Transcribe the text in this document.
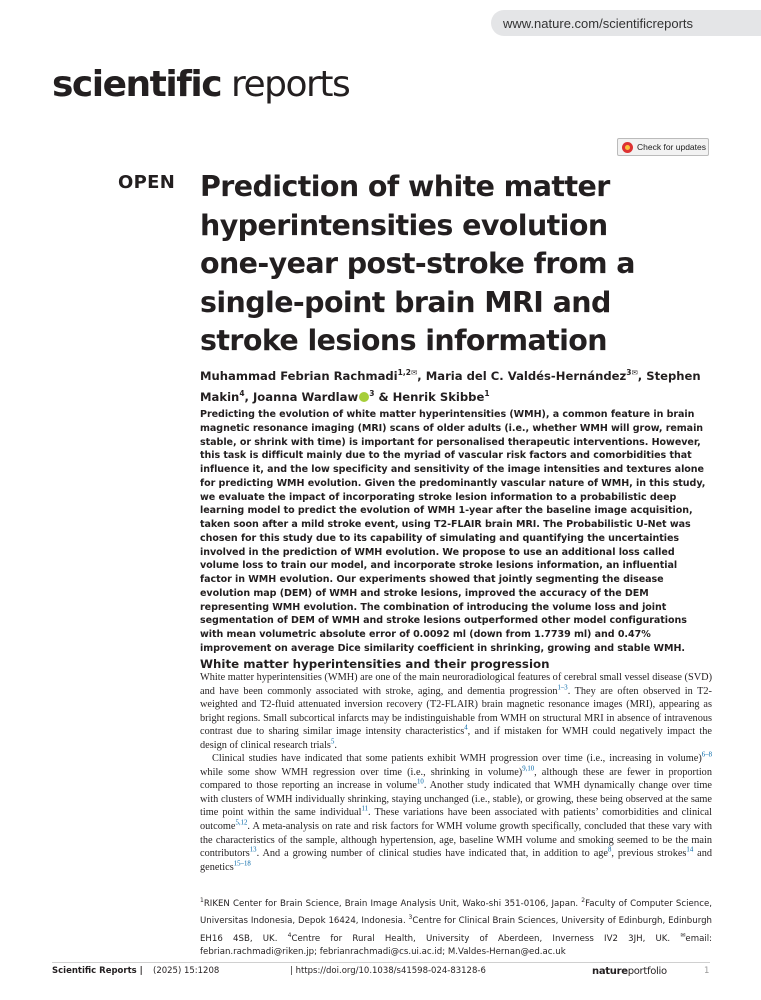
www.nature.com/scientificreports
scientific reports
Check for updates
OPEN Prediction of white matter hyperintensities evolution one-year post-stroke from a single-point brain MRI and stroke lesions information
Muhammad Febrian Rachmadi$^{1,2✉}$, Maria del C. Valdés-Hernández$^{3✉}$, Stephen Makin$^4$, Joanna Wardlaw $^3$ & Henrik Skibbe$^1$

Predicting the evolution of white matter hyperintensities (WMH), a common feature in brain magnetic resonance imaging (MRI) scans of older adults (i.e., whether WMH will grow, remain stable, or shrink with time) is important for personalised therapeutic interventions. However, this task is difficult mainly due to the myriad of vascular risk factors and comorbidities that influence it, and the low specificity and sensitivity of the image intensities and textures alone for predicting WMH evolution. Given the predominantly vascular nature of WMH, in this study, we evaluate the impact of incorporating stroke lesion information to a probabilistic deep learning model to predict the evolution of WMH 1-year after the baseline image acquisition, taken soon after a mild stroke event, using T2-FLAIR brain MRI. The Probabilistic U-Net was chosen for this study due to its capability of simulating and quantifying the uncertainties involved in the prediction of WMH evolution. We propose to use an additional loss called volume loss to train our model, and incorporate stroke lesions information, an influential factor in WMH evolution. Our experiments showed that jointly segmenting the disease evolution map (DEM) of WMH and stroke lesions, improved the accuracy of the DEM representing WMH evolution. The combination of introducing the volume loss and joint segmentation of DEM of WMH and stroke lesions outperformed other model configurations with mean volumetric absolute error of 0.0092 ml (down from 1.7739 ml) and 0.47% improvement on average Dice similarity coefficient in shrinking, growing and stable WMH.

White matter hyperintensities and their progression

White matter hyperintensities (WMH) are one of the main neuroradiological features of cerebral small vessel disease (SVD) and have been commonly associated with stroke, aging, and dementia progression$^{1-3}$. They are often observed in T2-weighted and T2-fluid attenuated inversion recovery (T2-FLAIR) brain magnetic resonance images (MRI), appearing as bright regions. Small subcortical infarcts may be indistinguishable from WMH on structural MRI in absence of intravenous contrast due to sharing similar image intensity characteristics$^4$, and if mistaken for WMH could negatively impact the design of clinical research trials$^5$.

Clinical studies have indicated that some patients exhibit WMH progression over time (i.e., increasing in volume)$^{6-8}$ while some show WMH regression over time (i.e., shrinking in volume)$^{9,10}$, although these are fewer in proportion compared to those reporting an increase in volume$^{10}$. Another study indicated that WMH dynamically change over time with clusters of WMH individually shrinking, staying unchanged (i.e., stable), or growing, these being observed at the same time point within the same individual$^{11}$. These variations have been associated with patients’ comorbidities and clinical outcome$^{5,12}$. A meta-analysis on rate and risk factors for WMH volume growth specifically, concluded that these vary with the characteristics of the sample, although hypertension, age, baseline WMH volume and smoking seemed to be the main contributors$^{13}$. And a growing number of clinical studies have indicated that, in addition to age$^8$, previous strokes$^{14}$ and genetics$^{15-18}$

$^1$RIKEN Center for Brain Science, Brain Image Analysis Unit, Wako-shi 351-0106, Japan. $^2$Faculty of Computer Science, Universitas Indonesia, Depok 16424, Indonesia. $^3$Centre for Clinical Brain Sciences, University of Edinburgh, Edinburgh EH16 4SB, UK. $^4$Centre for Rural Health, University of Aberdeen, Inverness IV2 3JH, UK. ✉email: febrian.rachmadi@riken.jp; febrianrachmadi@cs.ui.ac.id; M.Valdes-Hernan@ed.ac.uk
Scientific Reports | (2025) 15:1208	| https://doi.org/10.1038/s41598-024-83128-6	natureportfolio	1
